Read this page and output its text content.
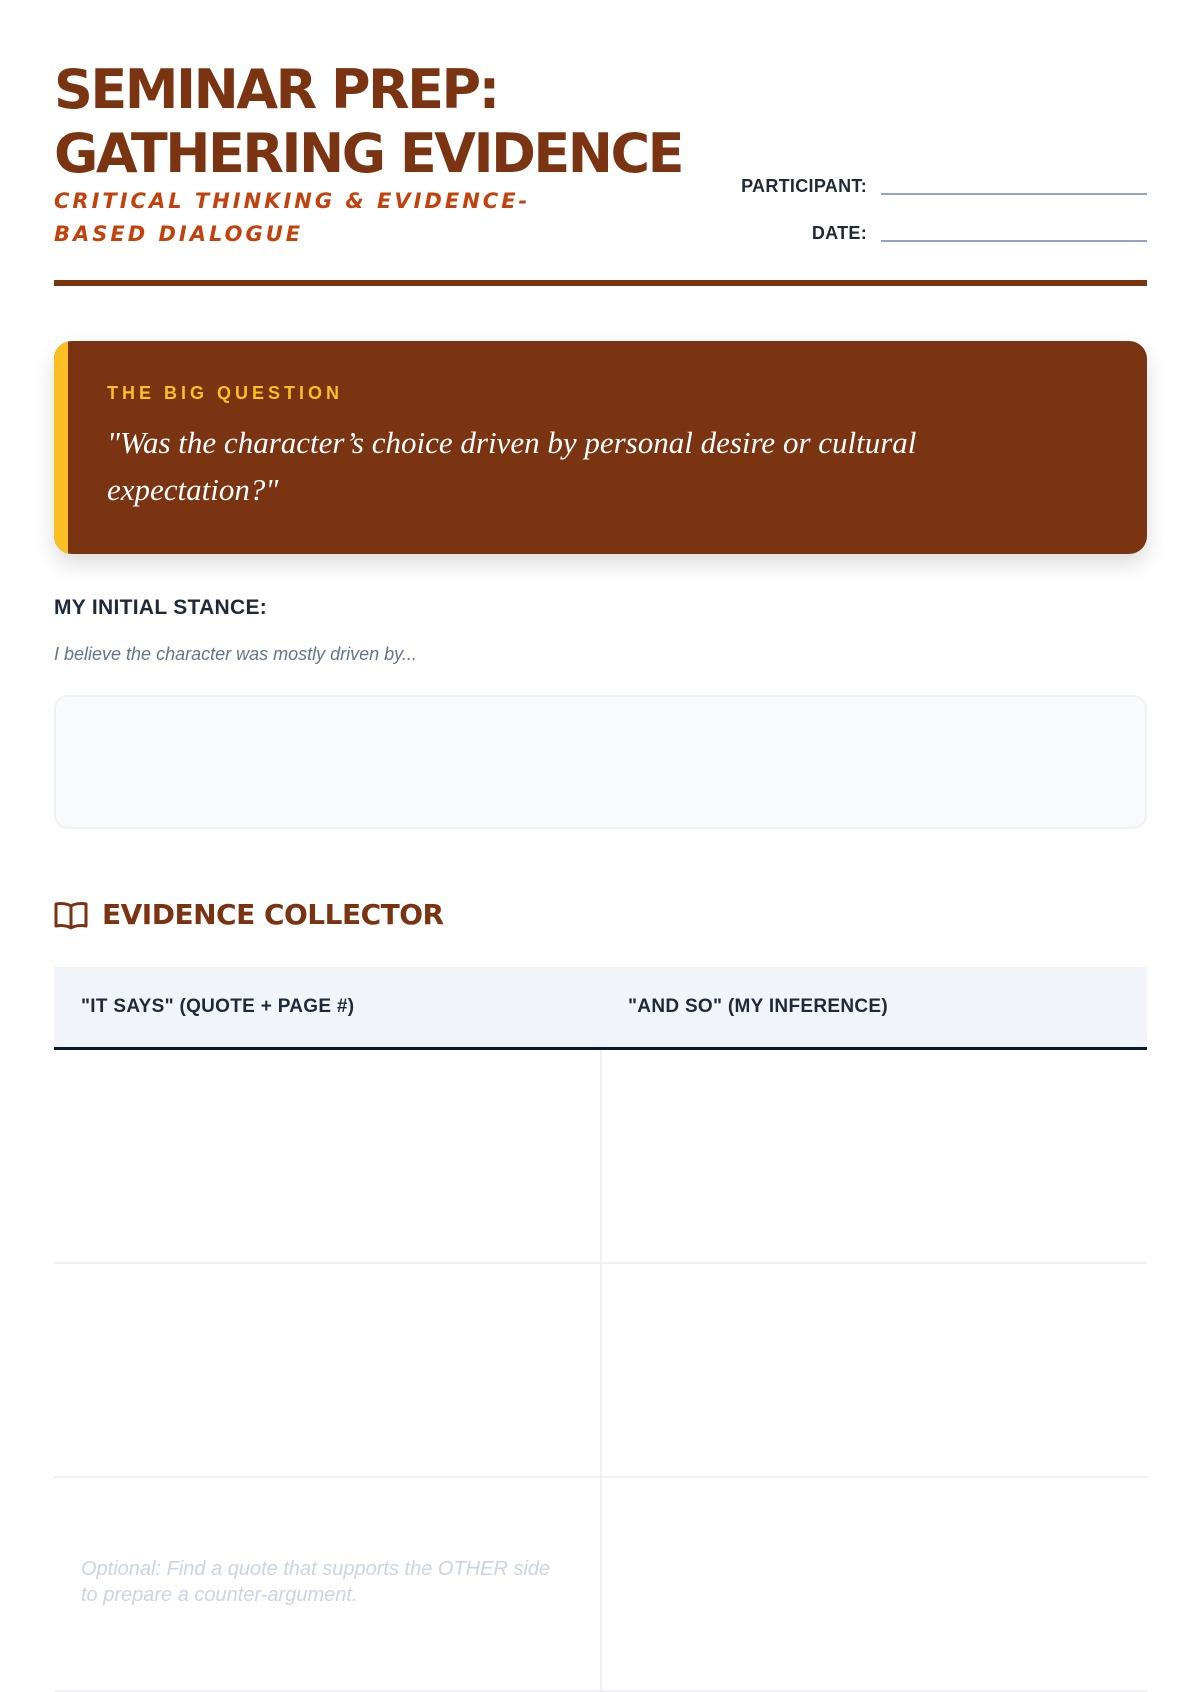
SEMINAR PREP:
GATHERING EVIDENCE
CRITICAL THINKING & EVIDENCE-BASED DIALOGUE
PARTICIPANT:
DATE:
THE BIG QUESTION
"Was the character’s choice driven by personal desire or cultural expectation?"
MY INITIAL STANCE:
I believe the character was mostly driven by...
EVIDENCE COLLECTOR
"IT SAYS" (QUOTE + PAGE #)	"AND SO" (MY INFERENCE)
Optional: Find a quote that supports the OTHER side to prepare a counter-argument.
